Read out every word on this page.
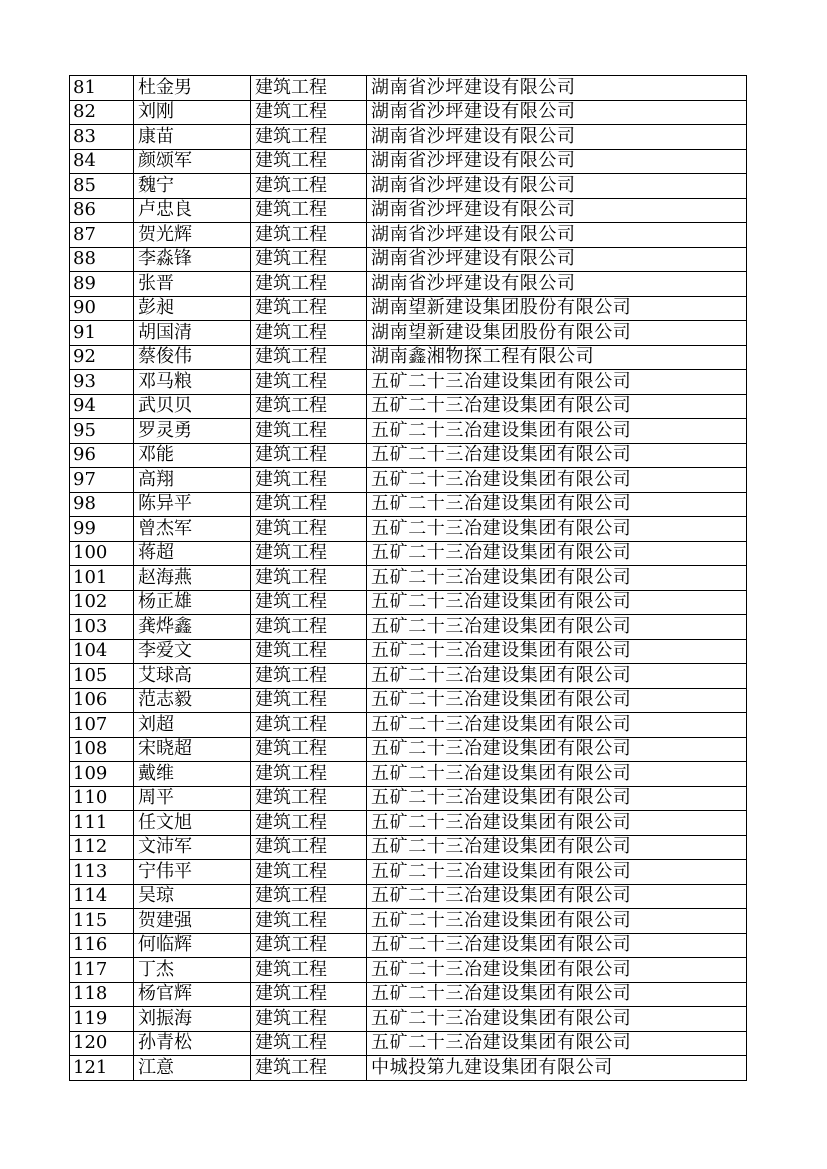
81	杜金男	建筑工程	湖南省沙坪建设有限公司
82	刘刚	建筑工程	湖南省沙坪建设有限公司
83	康苗	建筑工程	湖南省沙坪建设有限公司
84	颜颂军	建筑工程	湖南省沙坪建设有限公司
85	魏宁	建筑工程	湖南省沙坪建设有限公司
86	卢忠良	建筑工程	湖南省沙坪建设有限公司
87	贺光辉	建筑工程	湖南省沙坪建设有限公司
88	李淼锋	建筑工程	湖南省沙坪建设有限公司
89	张晋	建筑工程	湖南省沙坪建设有限公司
90	彭昶	建筑工程	湖南望新建设集团股份有限公司
91	胡国清	建筑工程	湖南望新建设集团股份有限公司
92	蔡俊伟	建筑工程	湖南鑫湘物探工程有限公司
93	邓马粮	建筑工程	五矿二十三冶建设集团有限公司
94	武贝贝	建筑工程	五矿二十三冶建设集团有限公司
95	罗灵勇	建筑工程	五矿二十三冶建设集团有限公司
96	邓能	建筑工程	五矿二十三冶建设集团有限公司
97	高翔	建筑工程	五矿二十三冶建设集团有限公司
98	陈异平	建筑工程	五矿二十三冶建设集团有限公司
99	曾杰军	建筑工程	五矿二十三冶建设集团有限公司
100	蒋超	建筑工程	五矿二十三冶建设集团有限公司
101	赵海燕	建筑工程	五矿二十三冶建设集团有限公司
102	杨正雄	建筑工程	五矿二十三冶建设集团有限公司
103	龚烨鑫	建筑工程	五矿二十三冶建设集团有限公司
104	李爱文	建筑工程	五矿二十三冶建设集团有限公司
105	艾球高	建筑工程	五矿二十三冶建设集团有限公司
106	范志毅	建筑工程	五矿二十三冶建设集团有限公司
107	刘超	建筑工程	五矿二十三冶建设集团有限公司
108	宋晓超	建筑工程	五矿二十三冶建设集团有限公司
109	戴维	建筑工程	五矿二十三冶建设集团有限公司
110	周平	建筑工程	五矿二十三冶建设集团有限公司
111	任文旭	建筑工程	五矿二十三冶建设集团有限公司
112	文沛军	建筑工程	五矿二十三冶建设集团有限公司
113	宁伟平	建筑工程	五矿二十三冶建设集团有限公司
114	吴琼	建筑工程	五矿二十三冶建设集团有限公司
115	贺建强	建筑工程	五矿二十三冶建设集团有限公司
116	何临辉	建筑工程	五矿二十三冶建设集团有限公司
117	丁杰	建筑工程	五矿二十三冶建设集团有限公司
118	杨官辉	建筑工程	五矿二十三冶建设集团有限公司
119	刘振海	建筑工程	五矿二十三冶建设集团有限公司
120	孙青松	建筑工程	五矿二十三冶建设集团有限公司
121	江意	建筑工程	中城投第九建设集团有限公司
